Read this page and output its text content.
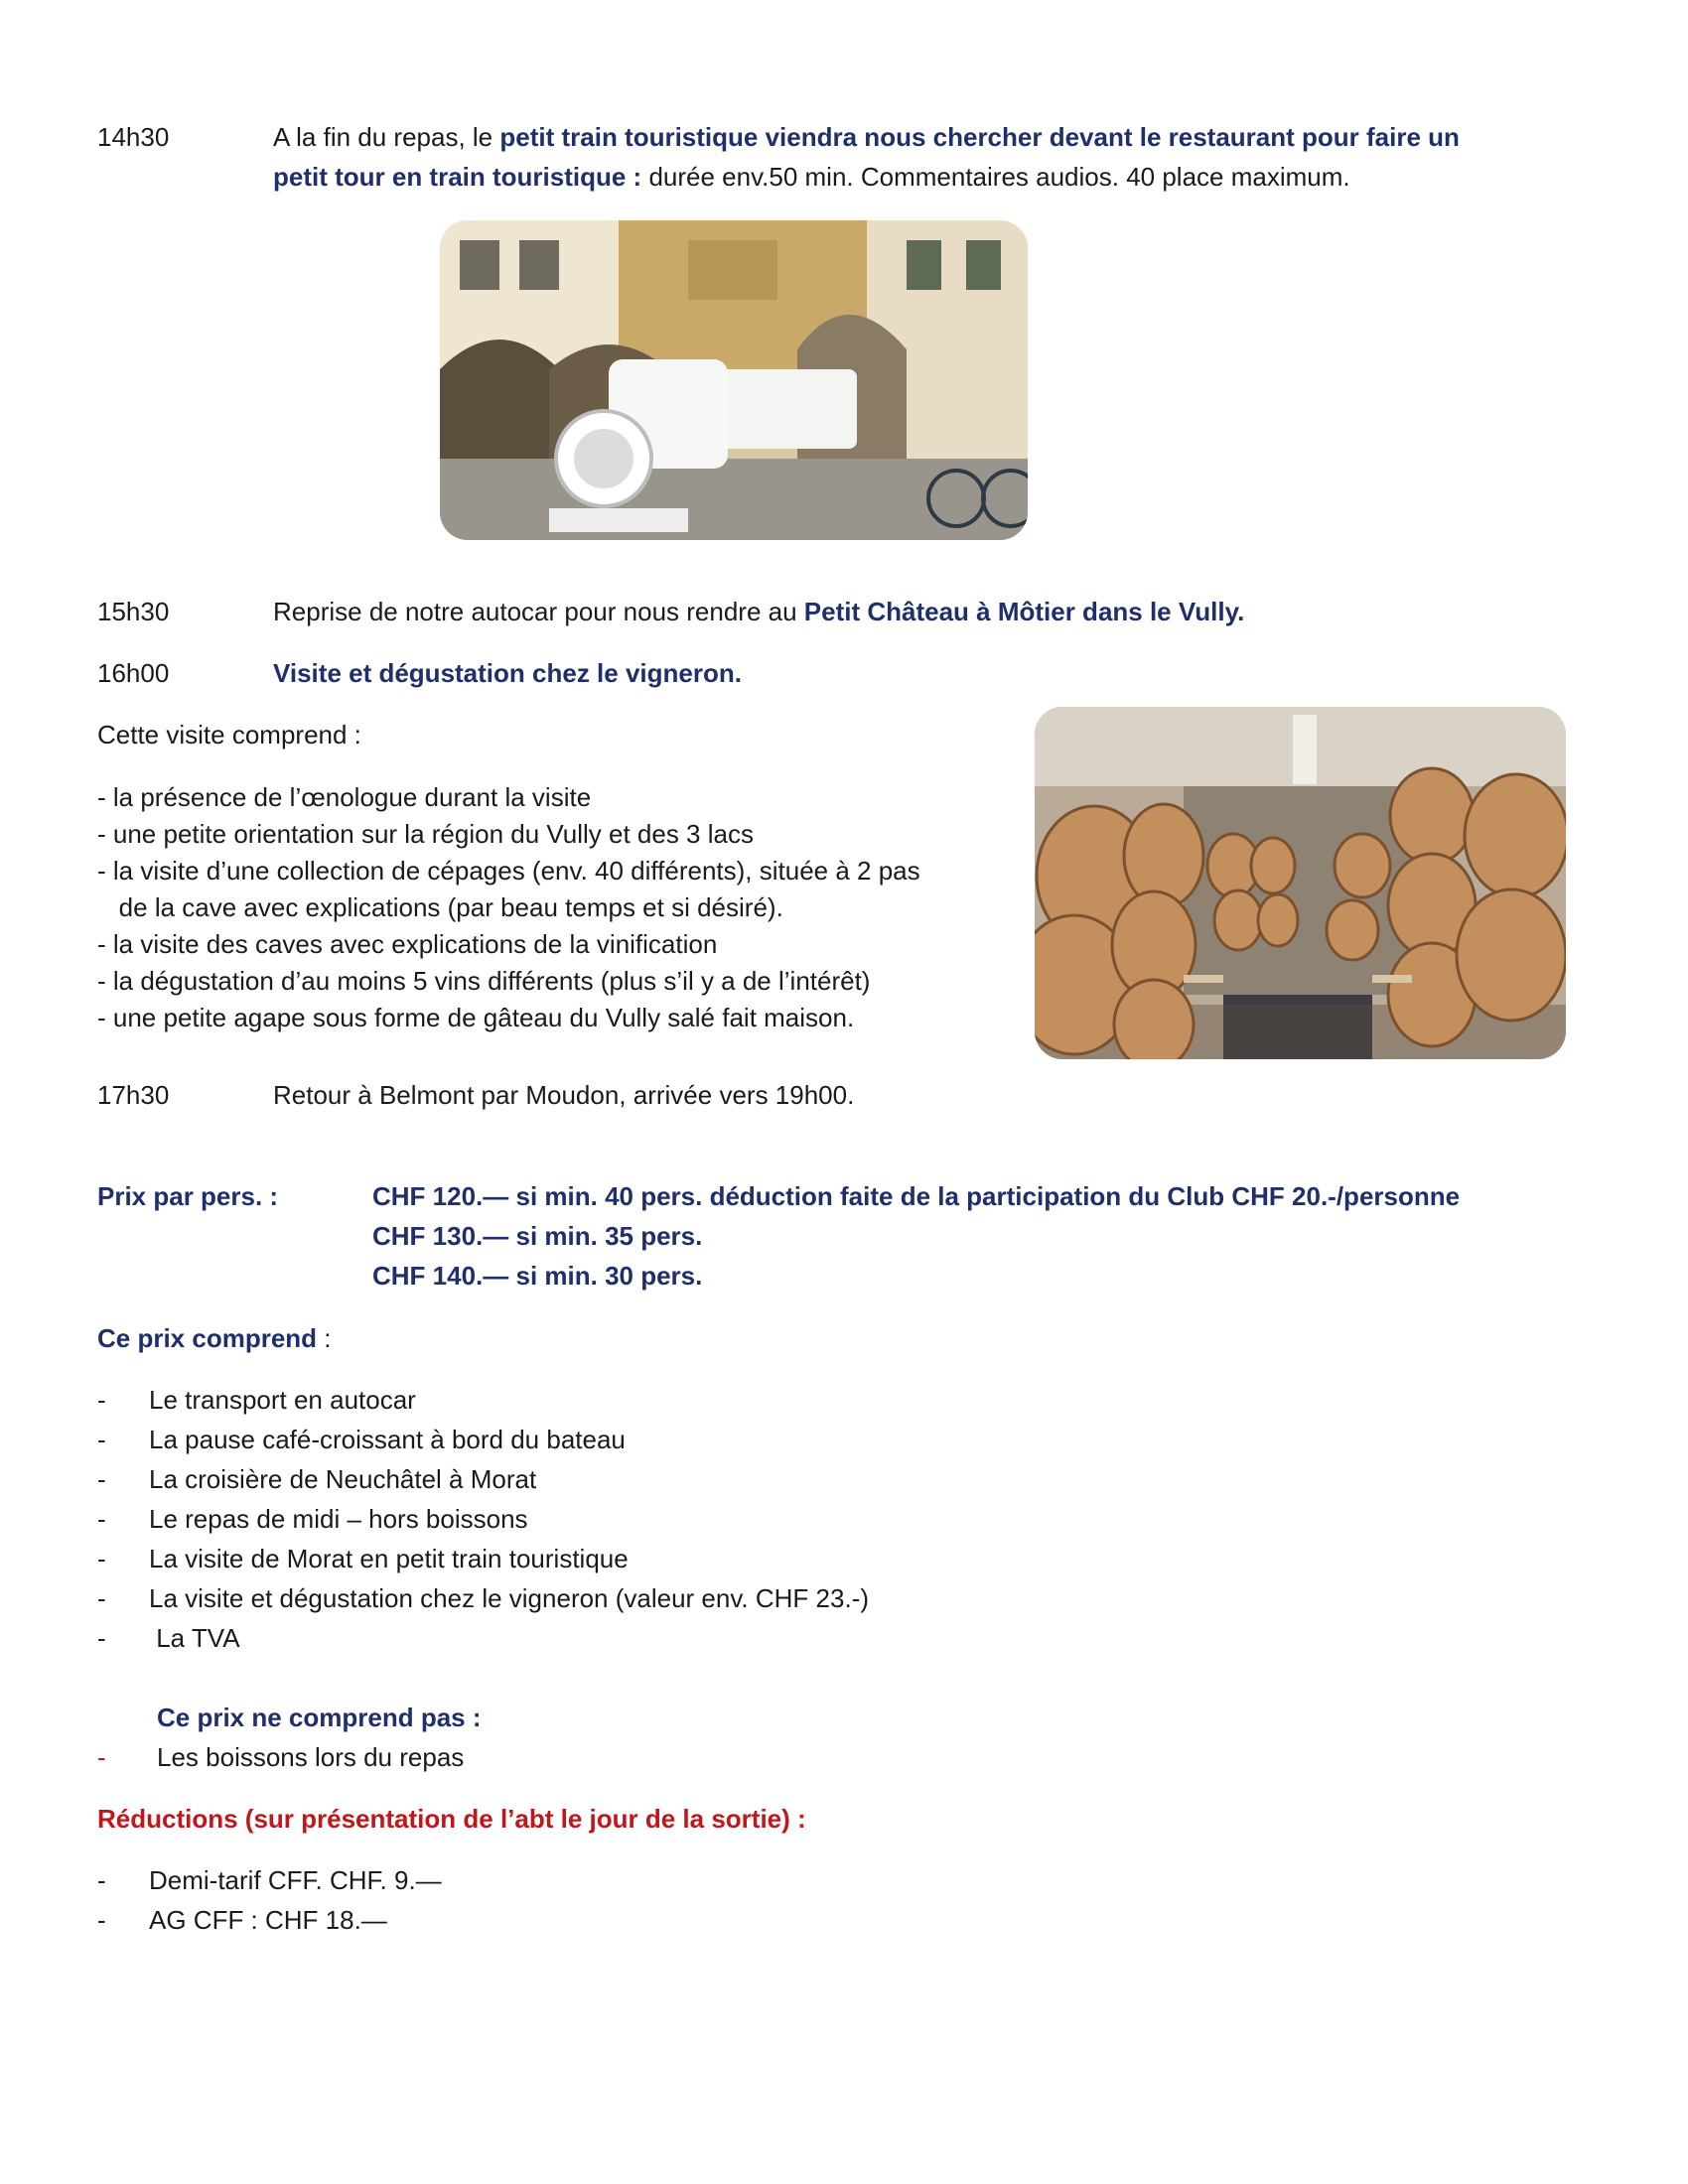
14h30	A la fin du repas, le petit train touristique viendra nous chercher devant le restaurant pour faire un
petit tour en train touristique : durée env.50 min. Commentaires audios. 40 place maximum.
15h30	Reprise de notre autocar pour nous rendre au Petit Château à Môtier dans le Vully.
16h00	Visite et dégustation chez le vigneron.
Cette visite comprend :
- la présence de l’œnologue durant la visite
- une petite orientation sur la région du Vully et des 3 lacs
- la visite d’une collection de cépages (env. 40 différents), située à 2 pas
de la cave avec explications (par beau temps et si désiré).
- la visite des caves avec explications de la vinification
- la dégustation d’au moins 5 vins différents (plus s’il y a de l’intérêt)
- une petite agape sous forme de gâteau du Vully salé fait maison.
17h30	Retour à Belmont par Moudon, arrivée vers 19h00.
Prix par pers. :	CHF 120.— si min. 40 pers. déduction faite de la participation du Club CHF 20.-/personne
CHF 130.— si min. 35 pers.
CHF 140.— si min. 30 pers.
Ce prix comprend :
- Le transport en autocar
- La pause café-croissant à bord du bateau
- La croisière de Neuchâtel à Morat
- Le repas de midi – hors boissons
- La visite de Morat en petit train touristique
- La visite et dégustation chez le vigneron (valeur env. CHF 23.-)
- La TVA
Ce prix ne comprend pas :
- Les boissons lors du repas
Réductions (sur présentation de l’abt le jour de la sortie) :
- Demi-tarif CFF. CHF. 9.—
- AG CFF : CHF 18.—
